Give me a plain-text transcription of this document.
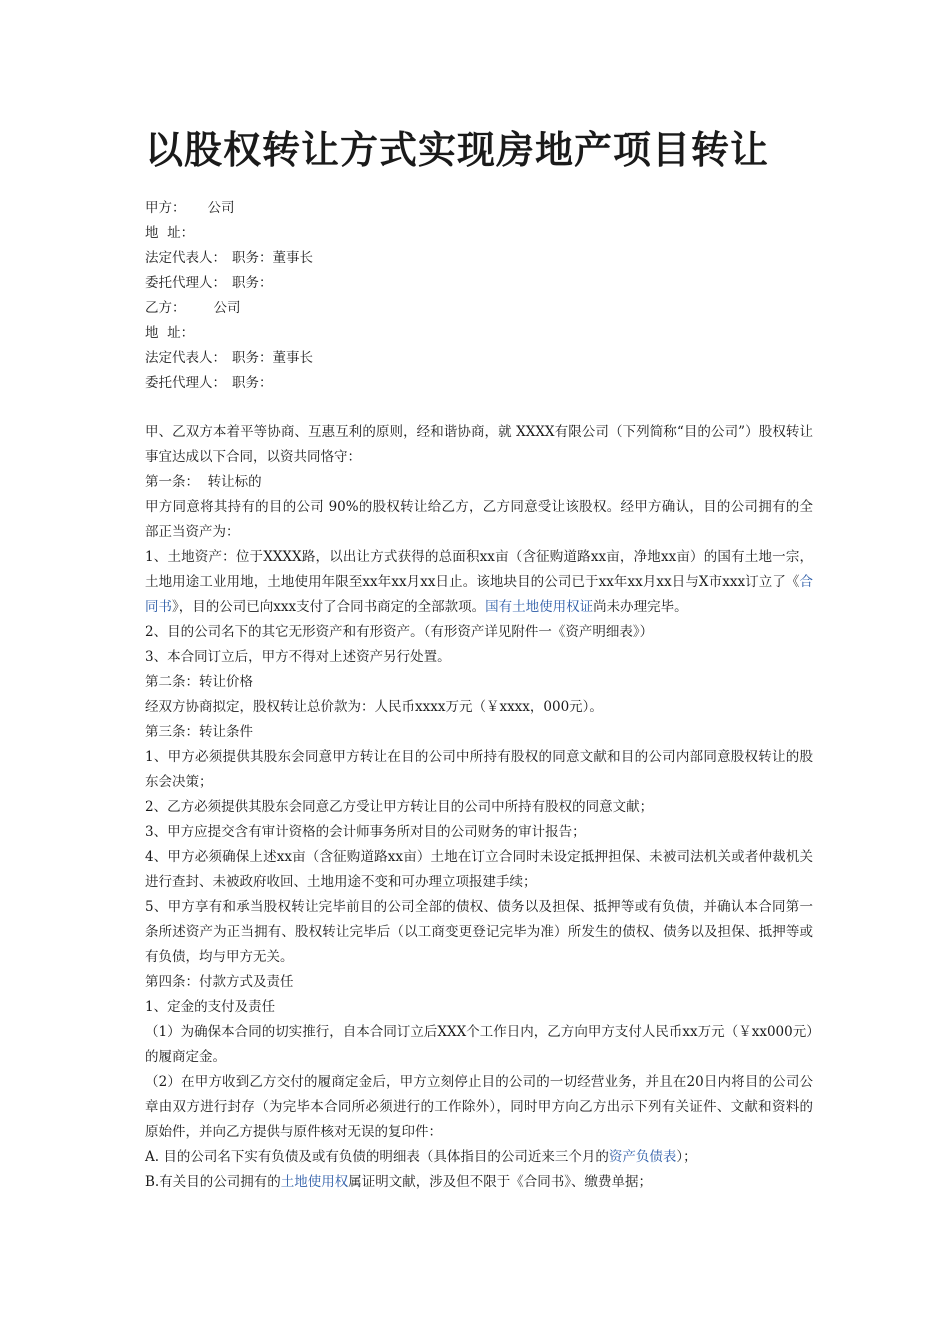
以股权转让方式实现房地产项目转让
甲方： 公司
地  址：
法定代表人： 职务：董事长
委托代理人： 职务：
乙方： 公司
地  址：
法定代表人： 职务：董事长
委托代理人： 职务：

甲、乙双方本着平等协商、互惠互利的原则，经和谐协商，就 XXXX有限公司（下列简称“目的公司”）股权转让事宜达成以下合同，以资共同恪守：

第一条：  转让标的

甲方同意将其持有的目的公司 90%的股权转让给乙方，乙方同意受让该股权。经甲方确认，目的公司拥有的全部正当资产为：

1、土地资产：位于XXXX路，以出让方式获得的总面积xx亩（含征购道路xx亩，净地xx亩）的国有土地一宗，土地用途工业用地，土地使用年限至xx年xx月xx日止。该地块目的公司已于xx年xx月xx日与X市xxx订立了《合同书》，目的公司已向xxx支付了合同书商定的全部款项。国有土地使用权证尚未办理完毕。

2、目的公司名下的其它无形资产和有形资产。（有形资产详见附件一《资产明细表》）

3、本合同订立后，甲方不得对上述资产另行处置。

第二条：转让价格

经双方协商拟定，股权转让总价款为：人民币xxxx万元（￥xxxx，000元）。

第三条：转让条件

1、甲方必须提供其股东会同意甲方转让在目的公司中所持有股权的同意文献和目的公司内部同意股权转让的股东会决策；

2、乙方必须提供其股东会同意乙方受让甲方转让目的公司中所持有股权的同意文献；

3、甲方应提交含有审计资格的会计师事务所对目的公司财务的审计报告；

4、甲方必须确保上述xx亩（含征购道路xx亩）土地在订立合同时未设定抵押担保、未被司法机关或者仲裁机关进行查封、未被政府收回、土地用途不变和可办理立项报建手续；

5、甲方享有和承当股权转让完毕前目的公司全部的债权、债务以及担保、抵押等或有负债，并确认本合同第一条所述资产为正当拥有、股权转让完毕后（以工商变更登记完毕为准）所发生的债权、债务以及担保、抵押等或有负债，均与甲方无关。

第四条：付款方式及责任

1、定金的支付及责任

（1）为确保本合同的切实推行，自本合同订立后XXX个工作日内，乙方向甲方支付人民币xx万元（￥xx000元）的履商定金。

（2）在甲方收到乙方交付的履商定金后，甲方立刻停止目的公司的一切经营业务，并且在20日内将目的公司公章由双方进行封存（为完毕本合同所必须进行的工作除外），同时甲方向乙方出示下列有关证件、文献和资料的原始件，并向乙方提供与原件核对无误的复印件：

A. 目的公司名下实有负债及或有负债的明细表（具体指目的公司近来三个月的资产负债表）；

B.有关目的公司拥有的土地使用权属证明文献，涉及但不限于《合同书》、缴费单据；
